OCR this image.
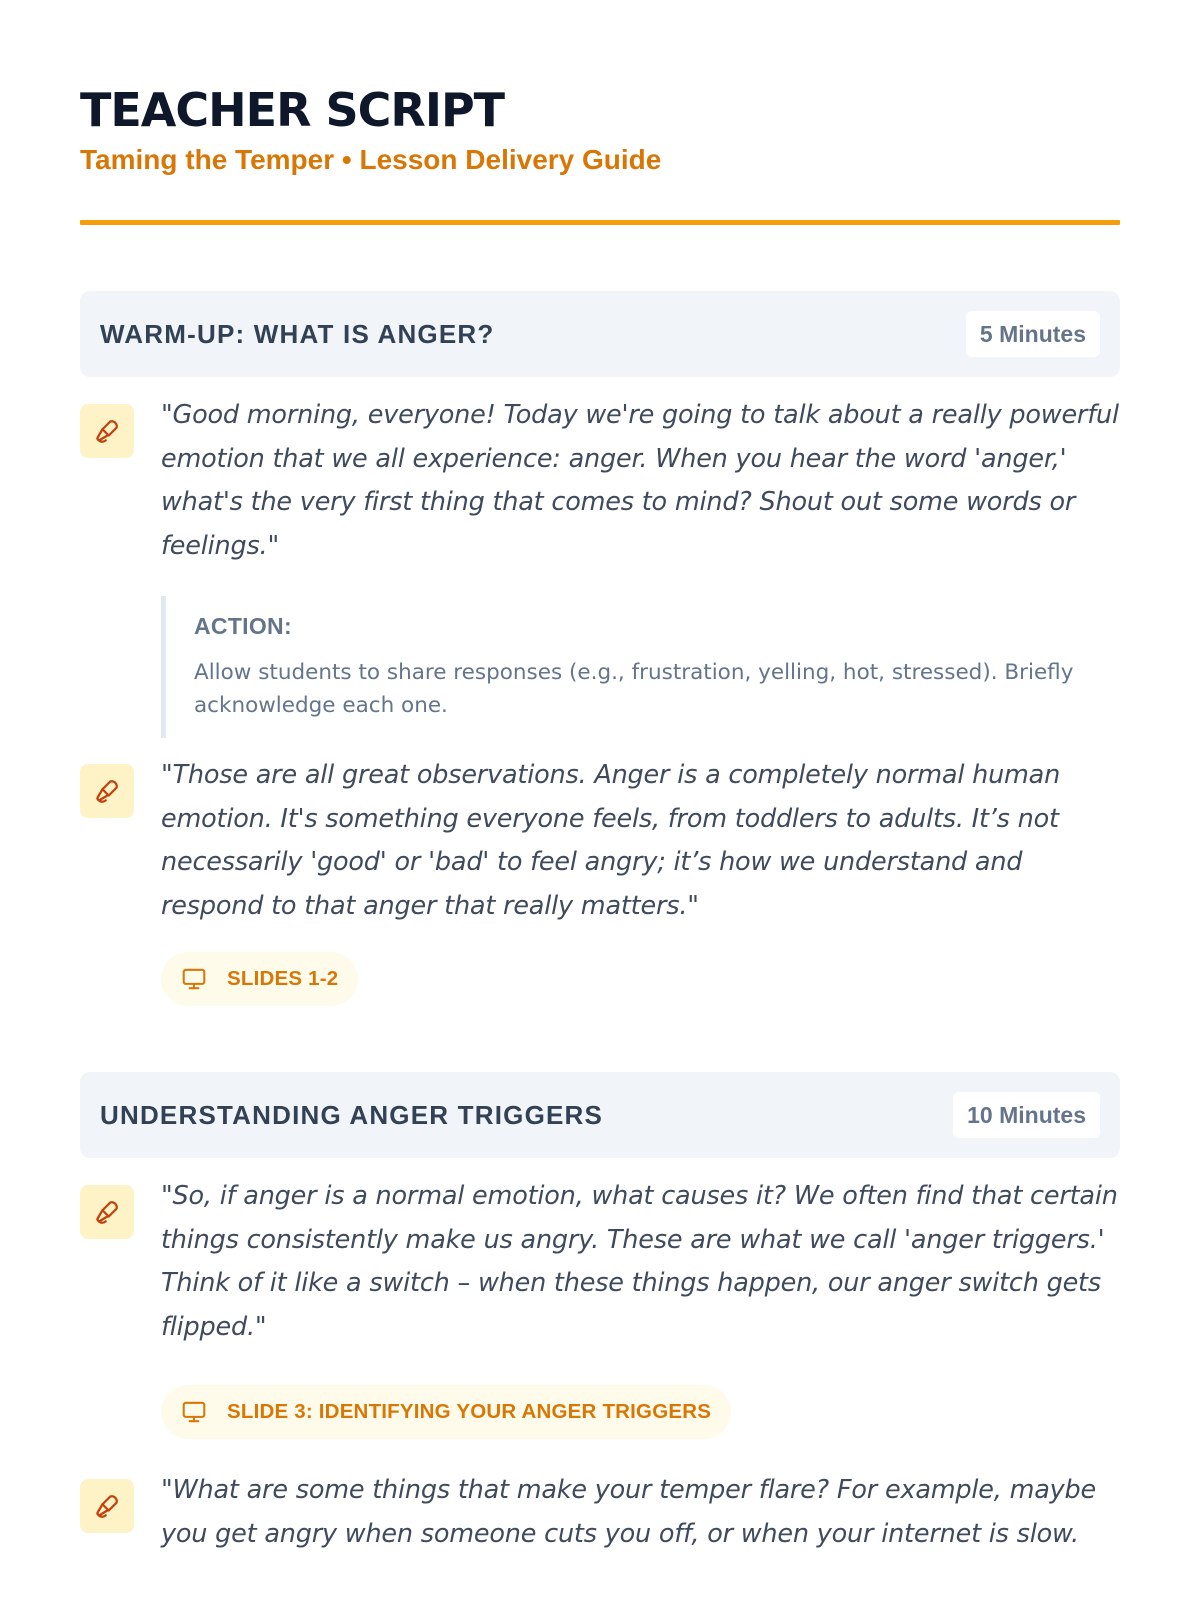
TEACHER SCRIPT
Taming the Temper • Lesson Delivery Guide
WARM-UP: WHAT IS ANGER?	5 Minutes

"Good morning, everyone! Today we're going to talk about a really powerful emotion that we all experience: anger. When you hear the word 'anger,' what's the very first thing that comes to mind? Shout out some words or feelings."

ACTION:
Allow students to share responses (e.g., frustration, yelling, hot, stressed). Briefly acknowledge each one.

"Those are all great observations. Anger is a completely normal human emotion. It's something everyone feels, from toddlers to adults. It’s not necessarily 'good' or 'bad' to feel angry; it’s how we understand and respond to that anger that really matters."

SLIDES 1-2
UNDERSTANDING ANGER TRIGGERS	10 Minutes

"So, if anger is a normal emotion, what causes it? We often find that certain things consistently make us angry. These are what we call 'anger triggers.' Think of it like a switch – when these things happen, our anger switch gets flipped."

SLIDE 3: IDENTIFYING YOUR ANGER TRIGGERS

"What are some things that make your temper flare? For example, maybe you get angry when someone cuts you off, or when your internet is slow.
